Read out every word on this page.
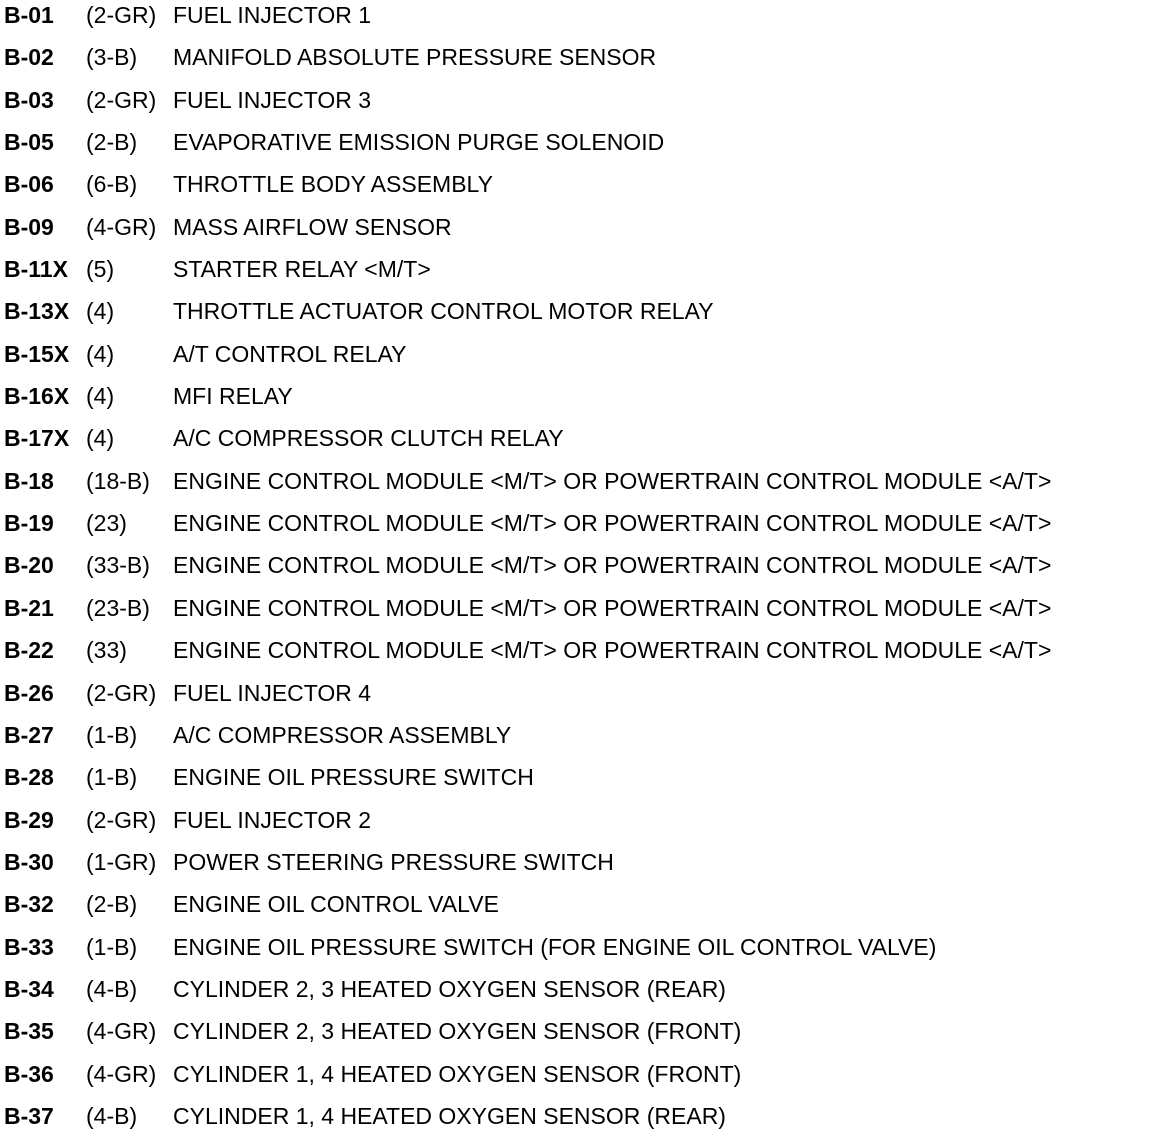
B-01 (2-GR) FUEL INJECTOR 1
B-02 (3-B) MANIFOLD ABSOLUTE PRESSURE SENSOR
B-03 (2-GR) FUEL INJECTOR 3
B-05 (2-B) EVAPORATIVE EMISSION PURGE SOLENOID
B-06 (6-B) THROTTLE BODY ASSEMBLY
B-09 (4-GR) MASS AIRFLOW SENSOR
B-11X (5)	STARTER RELAY <M/T>
B-13X (4)	THROTTLE ACTUATOR CONTROL MOTOR RELAY
B-15X (4)	A/T CONTROL RELAY
B-16X (4)	MFI RELAY
B-17X (4)	A/C COMPRESSOR CLUTCH RELAY
B-18 (18-B) ENGINE CONTROL MODULE <M/T> OR POWERTRAIN CONTROL MODULE <A/T>
B-19 (23) ENGINE CONTROL MODULE <M/T> OR POWERTRAIN CONTROL MODULE <A/T>
B-20 (33-B) ENGINE CONTROL MODULE <M/T> OR POWERTRAIN CONTROL MODULE <A/T>
B-21 (23-B) ENGINE CONTROL MODULE <M/T> OR POWERTRAIN CONTROL MODULE <A/T>
B-22 (33) ENGINE CONTROL MODULE <M/T> OR POWERTRAIN CONTROL MODULE <A/T>
B-26 (2-GR) FUEL INJECTOR 4
B-27 (1-B) A/C COMPRESSOR ASSEMBLY
B-28 (1-B) ENGINE OIL PRESSURE SWITCH
B-29 (2-GR) FUEL INJECTOR 2
B-30 (1-GR) POWER STEERING PRESSURE SWITCH
B-32 (2-B) ENGINE OIL CONTROL VALVE
B-33 (1-B) ENGINE OIL PRESSURE SWITCH (FOR ENGINE OIL CONTROL VALVE)
B-34 (4-B) CYLINDER 2, 3 HEATED OXYGEN SENSOR (REAR)
B-35 (4-GR) CYLINDER 2, 3 HEATED OXYGEN SENSOR (FRONT)
B-36 (4-GR) CYLINDER 1, 4 HEATED OXYGEN SENSOR (FRONT)
B-37 (4-B) CYLINDER 1, 4 HEATED OXYGEN SENSOR (REAR)
